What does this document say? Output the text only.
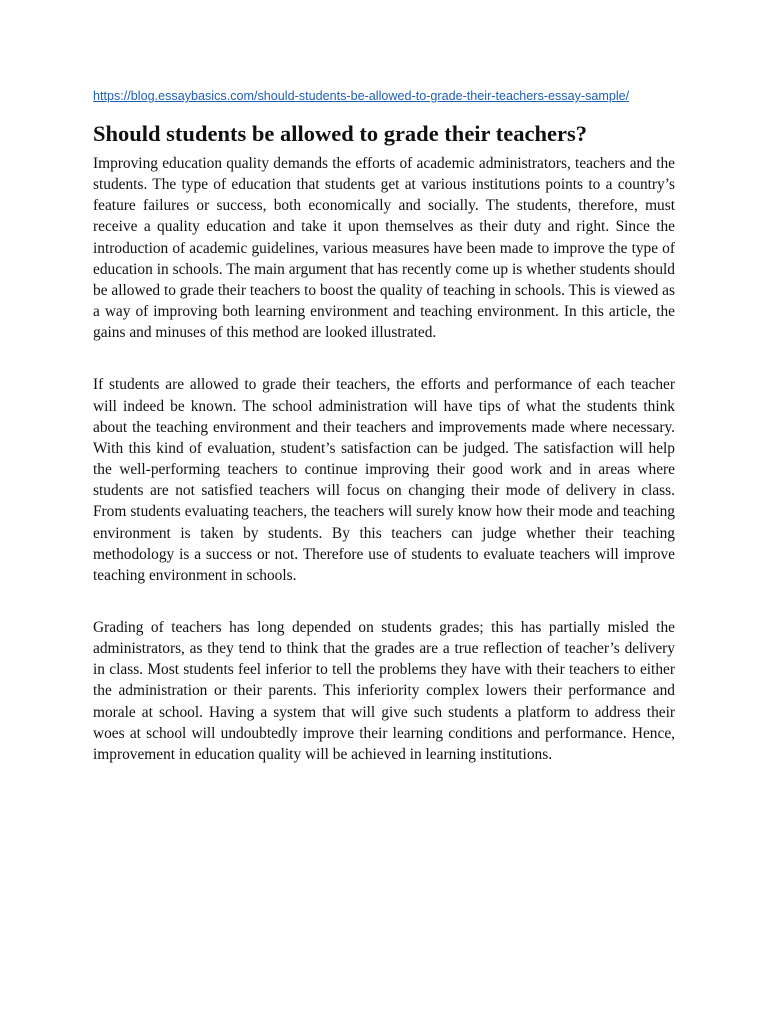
https://blog.essaybasics.com/should-students-be-allowed-to-grade-their-teachers-essay-sample/
Should students be allowed to grade their teachers?

Improving education quality demands the efforts of academic administrators, teachers and the students. The type of education that students get at various institutions points to a country’s feature failures or success, both economically and socially. The students, therefore, must receive a quality education and take it upon themselves as their duty and right. Since the introduction of academic guidelines, various measures have been made to improve the type of education in schools. The main argument that has recently come up is whether students should be allowed to grade their teachers to boost the quality of teaching in schools. This is viewed as a way of improving both learning environment and teaching environment. In this article, the gains and minuses of this method are looked illustrated.

If students are allowed to grade their teachers, the efforts and performance of each teacher will indeed be known. The school administration will have tips of what the students think about the teaching environment and their teachers and improvements made where necessary. With this kind of evaluation, student’s satisfaction can be judged. The satisfaction will help the well-performing teachers to continue improving their good work and in areas where students are not satisfied teachers will focus on changing their mode of delivery in class. From students evaluating teachers, the teachers will surely know how their mode and teaching environment is taken by students. By this teachers can judge whether their teaching methodology is a success or not. Therefore use of students to evaluate teachers will improve teaching environment in schools.

Grading of teachers has long depended on students grades; this has partially misled the administrators, as they tend to think that the grades are a true reflection of teacher’s delivery in class. Most students feel inferior to tell the problems they have with their teachers to either the administration or their parents. This inferiority complex lowers their performance and morale at school. Having a system that will give such students a platform to address their woes at school will undoubtedly improve their learning conditions and performance. Hence, improvement in education quality will be achieved in learning institutions.
